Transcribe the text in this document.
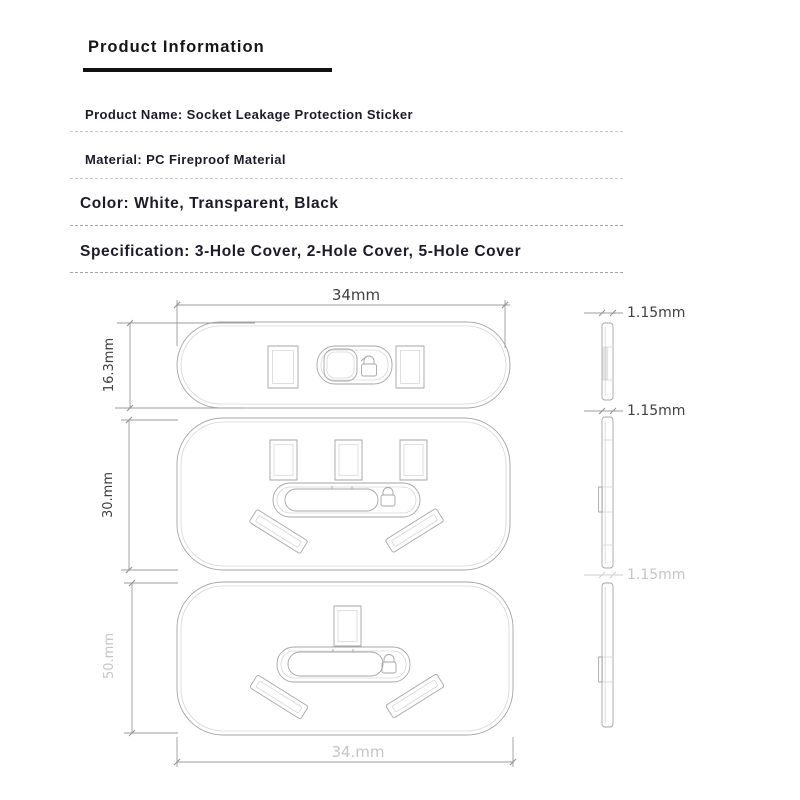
Product Information
Product Name: Socket Leakage Protection Sticker
Material: PC Fireproof Material
Color: White, Transparent, Black
Specification: 3-Hole Cover, 2-Hole Cover, 5-Hole Cover
34mm
16.3mm
30.mm
50.mm
34.mm
1.15mm
1.15mm
1.15mm
